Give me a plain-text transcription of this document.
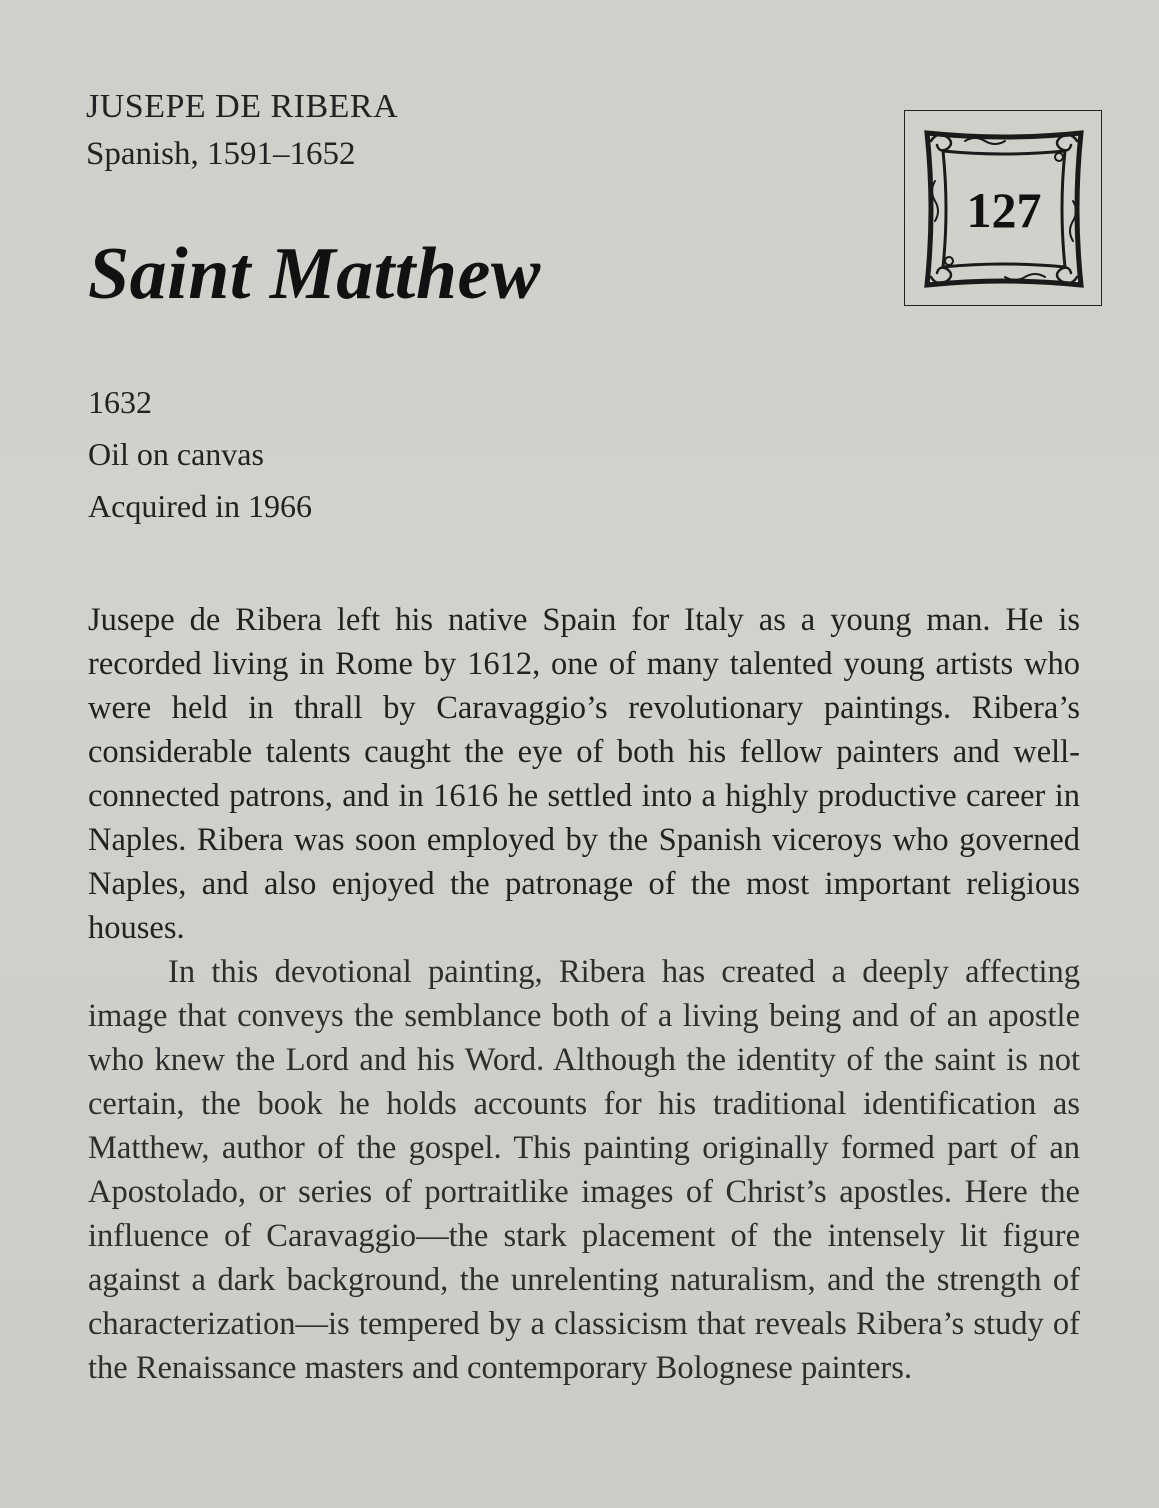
JUSEPE DE RIBERA
Spanish, 1591–1652
Saint Matthew
127
1632
Oil on canvas
Acquired in 1966

Jusepe de Ribera left his native Spain for Italy as a young man. He is recorded living in Rome by 1612, one of many talented young artists who were held in thrall by Caravaggio’s revolutionary paintings. Ribera’s considerable talents caught the eye of both his fellow painters and well-connected patrons, and in 1616 he settled into a highly productive career in Naples. Ribera was soon employed by the Spanish viceroys who governed Naples, and also enjoyed the patronage of the most important religious houses.

In this devotional painting, Ribera has created a deeply affecting image that conveys the semblance both of a living being and of an apostle who knew the Lord and his Word. Although the identity of the saint is not certain, the book he holds accounts for his traditional identification as Matthew, author of the gospel. This painting originally formed part of an Apostolado, or series of portraitlike images of Christ’s apostles. Here the influence of Caravaggio—the stark placement of the intensely lit figure against a dark background, the unrelenting naturalism, and the strength of characterization—is tempered by a classicism that reveals Ribera’s study of the Renaissance masters and contemporary Bolognese painters.
